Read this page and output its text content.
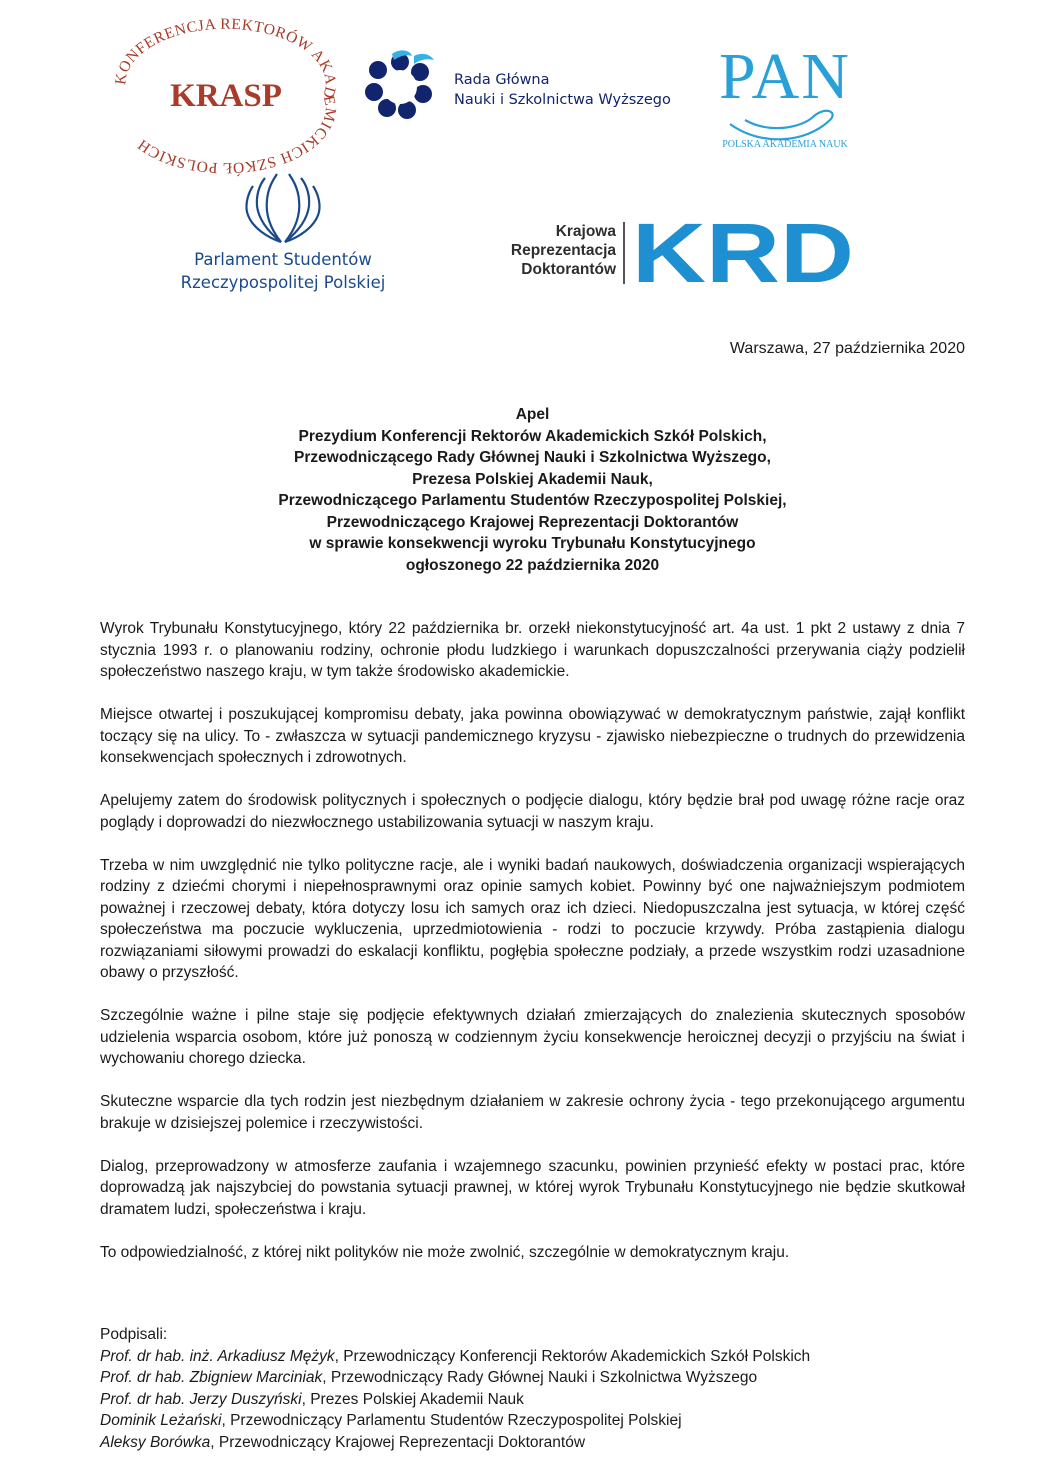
KONFERENCJA REKTORÓW AKADEMICKICH SZKÓŁ POLSKICH
KRASP	Rada Główna
Nauki i Szkolnictwa Wyższego PAN
POLSKA AKADEMIA NAUK
Parlament Studentów
Rzeczypospolitej Polskiej
Krajowa
Reprezentacja
Doktorantów KRD
Warszawa, 27 października 2020
Apel
Prezydium Konferencji Rektorów Akademickich Szkół Polskich,
Przewodniczącego Rady Głównej Nauki i Szkolnictwa Wyższego,
Prezesa Polskiej Akademii Nauk,
Przewodniczącego Parlamentu Studentów Rzeczypospolitej Polskiej,
Przewodniczącego Krajowej Reprezentacji Doktorantów
w sprawie konsekwencji wyroku Trybunału Konstytucyjnego
ogłoszonego 22 października 2020

Wyrok Trybunału Konstytucyjnego, który 22 października br. orzekł niekonstytucyjność art. 4a ust. 1 pkt 2 ustawy z dnia 7 stycznia 1993 r. o planowaniu rodziny, ochronie płodu ludzkiego i warunkach dopuszczalności przerywania ciąży podzielił społeczeństwo naszego kraju, w tym także środowisko akademickie.

Miejsce otwartej i poszukującej kompromisu debaty, jaka powinna obowiązywać w demokratycznym państwie, zajął konflikt toczący się na ulicy. To - zwłaszcza w sytuacji pandemicznego kryzysu - zjawisko niebezpieczne o trudnych do przewidzenia konsekwencjach społecznych i zdrowotnych.

Apelujemy zatem do środowisk politycznych i społecznych o podjęcie dialogu, który będzie brał pod uwagę różne racje oraz poglądy i doprowadzi do niezwłocznego ustabilizowania sytuacji w naszym kraju.

Trzeba w nim uwzględnić nie tylko polityczne racje, ale i wyniki badań naukowych, doświadczenia organizacji wspierających rodziny z dziećmi chorymi i niepełnosprawnymi oraz opinie samych kobiet. Powinny być one najważniejszym podmiotem poważnej i rzeczowej debaty, która dotyczy losu ich samych oraz ich dzieci. Niedopuszczalna jest sytuacja, w której część społeczeństwa ma poczucie wykluczenia, uprzedmiotowienia - rodzi to poczucie krzywdy. Próba zastąpienia dialogu rozwiązaniami siłowymi prowadzi do eskalacji konfliktu, pogłębia społeczne podziały, a przede wszystkim rodzi uzasadnione obawy o przyszłość.

Szczególnie ważne i pilne staje się podjęcie efektywnych działań zmierzających do znalezienia skutecznych sposobów udzielenia wsparcia osobom, które już ponoszą w codziennym życiu konsekwencje heroicznej decyzji o przyjściu na świat i wychowaniu chorego dziecka.

Skuteczne wsparcie dla tych rodzin jest niezbędnym działaniem w zakresie ochrony życia - tego przekonującego argumentu brakuje w dzisiejszej polemice i rzeczywistości.

Dialog, przeprowadzony w atmosferze zaufania i wzajemnego szacunku, powinien przynieść efekty w postaci prac, które doprowadzą jak najszybciej do powstania sytuacji prawnej, w której wyrok Trybunału Konstytucyjnego nie będzie skutkował dramatem ludzi, społeczeństwa i kraju.

To odpowiedzialność, z której nikt polityków nie może zwolnić, szczególnie w demokratycznym kraju.

Podpisali:
Prof. dr hab. inż. Arkadiusz Mężyk, Przewodniczący Konferencji Rektorów Akademickich Szkół Polskich
Prof. dr hab. Zbigniew Marciniak, Przewodniczący Rady Głównej Nauki i Szkolnictwa Wyższego
Prof. dr hab. Jerzy Duszyński, Prezes Polskiej Akademii Nauk
Dominik Leżański, Przewodniczący Parlamentu Studentów Rzeczypospolitej Polskiej
Aleksy Borówka, Przewodniczący Krajowej Reprezentacji Doktorantów
